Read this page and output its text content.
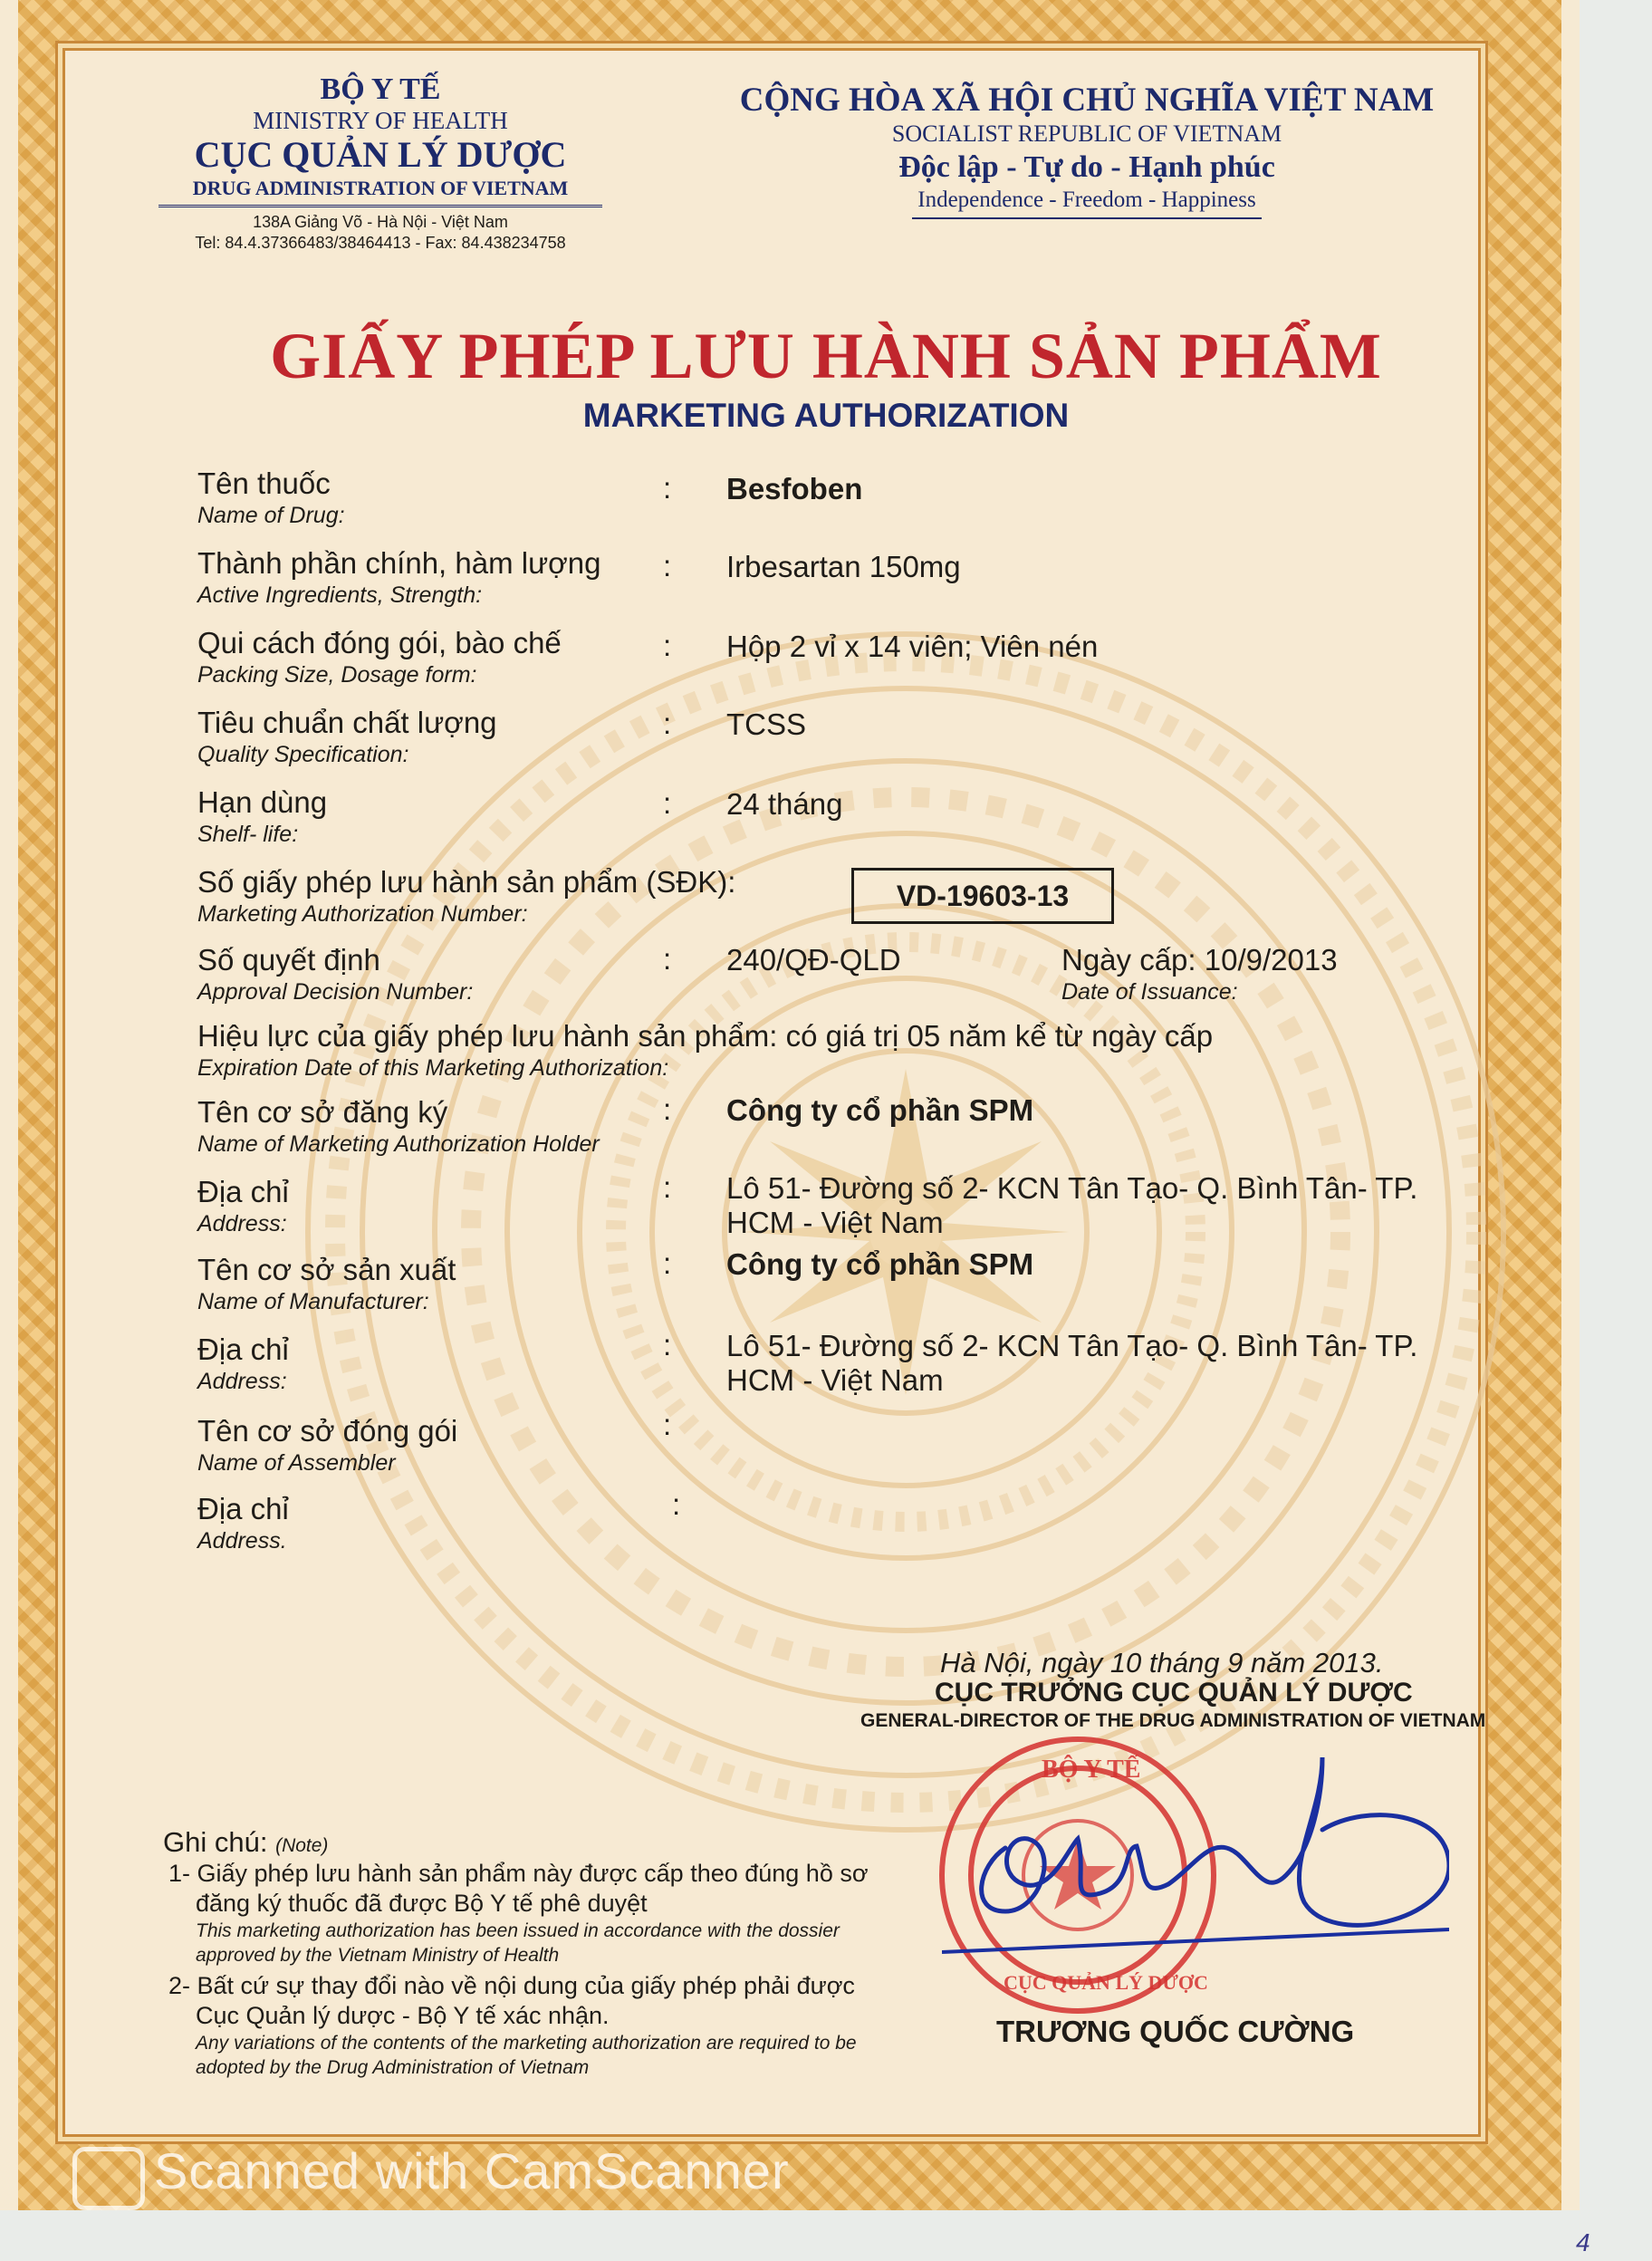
BỘ Y TẾ
MINISTRY OF HEALTH
CỤC QUẢN LÝ DƯỢC
DRUG ADMINISTRATION OF VIETNAM
138A Giảng Võ - Hà Nội - Việt Nam
Tel: 84.4.37366483/38464413 - Fax: 84.438234758
CỘNG HÒA XÃ HỘI CHỦ NGHĨA VIỆT NAM
SOCIALIST REPUBLIC OF VIETNAM
Độc lập - Tự do - Hạnh phúc
Independence - Freedom - Happiness
GIẤY PHÉP LƯU HÀNH SẢN PHẨM
MARKETING AUTHORIZATION
Tên thuốc
Name of Drug:
: Besfoben
Thành phần chính, hàm lượng
Active Ingredients, Strength:
: Irbesartan 150mg
Qui cách đóng gói, bào chế
Packing Size, Dosage form:
: Hộp 2 vỉ x 14 viên; Viên nén
Tiêu chuẩn chất lượng
Quality Specification:
: TCSS
Hạn dùng
Shelf- life:
: 24 tháng
Số giấy phép lưu hành sản phẩm (SĐK):
Marketing Authorization Number:
VD-19603-13
Số quyết định
Approval Decision Number:
: 240/QĐ-QLD	Ngày cấp: 10/9/2013
Date of Issuance:
Hiệu lực của giấy phép lưu hành sản phẩm: có giá trị 05 năm kể từ ngày cấp
Expiration Date of this Marketing Authorization:
Tên cơ sở đăng ký
Name of Marketing Authorization Holder
: Công ty cổ phần SPM
Địa chỉ
Address:
: Lô 51- Đường số 2- KCN Tân Tạo- Q. Bình Tân- TP.
HCM - Việt Nam
Tên cơ sở sản xuất
Name of Manufacturer:
: Công ty cổ phần SPM
Địa chỉ
Address:
: Lô 51- Đường số 2- KCN Tân Tạo- Q. Bình Tân- TP.
HCM - Việt Nam
Tên cơ sở đóng gói
Name of Assembler
:
Địa chỉ
Address.
:
Ghi chú: (Note)
1- Giấy phép lưu hành sản phẩm này được cấp theo đúng hồ sơ
đăng ký thuốc đã được Bộ Y tế phê duyệt
This marketing authorization has been issued in accordance with the dossier
approved by the Vietnam Ministry of Health
2- Bất cứ sự thay đổi nào về nội dung của giấy phép phải được
Cục Quản lý dược - Bộ Y tế xác nhận.
Any variations of the contents of the marketing authorization are required to be
adopted by the Drug Administration of Vietnam
Hà Nội, ngày 10 tháng 9 năm 2013.
CỤC TRƯỞNG CỤC QUẢN LÝ DƯỢC
GENERAL-DIRECTOR OF THE DRUG ADMINISTRATION OF VIETNAM
BỘ Y TẾ
CỤC QUẢN LÝ DƯỢC
TRƯƠNG QUỐC CƯỜNG
Scanned with CamScanner
4
